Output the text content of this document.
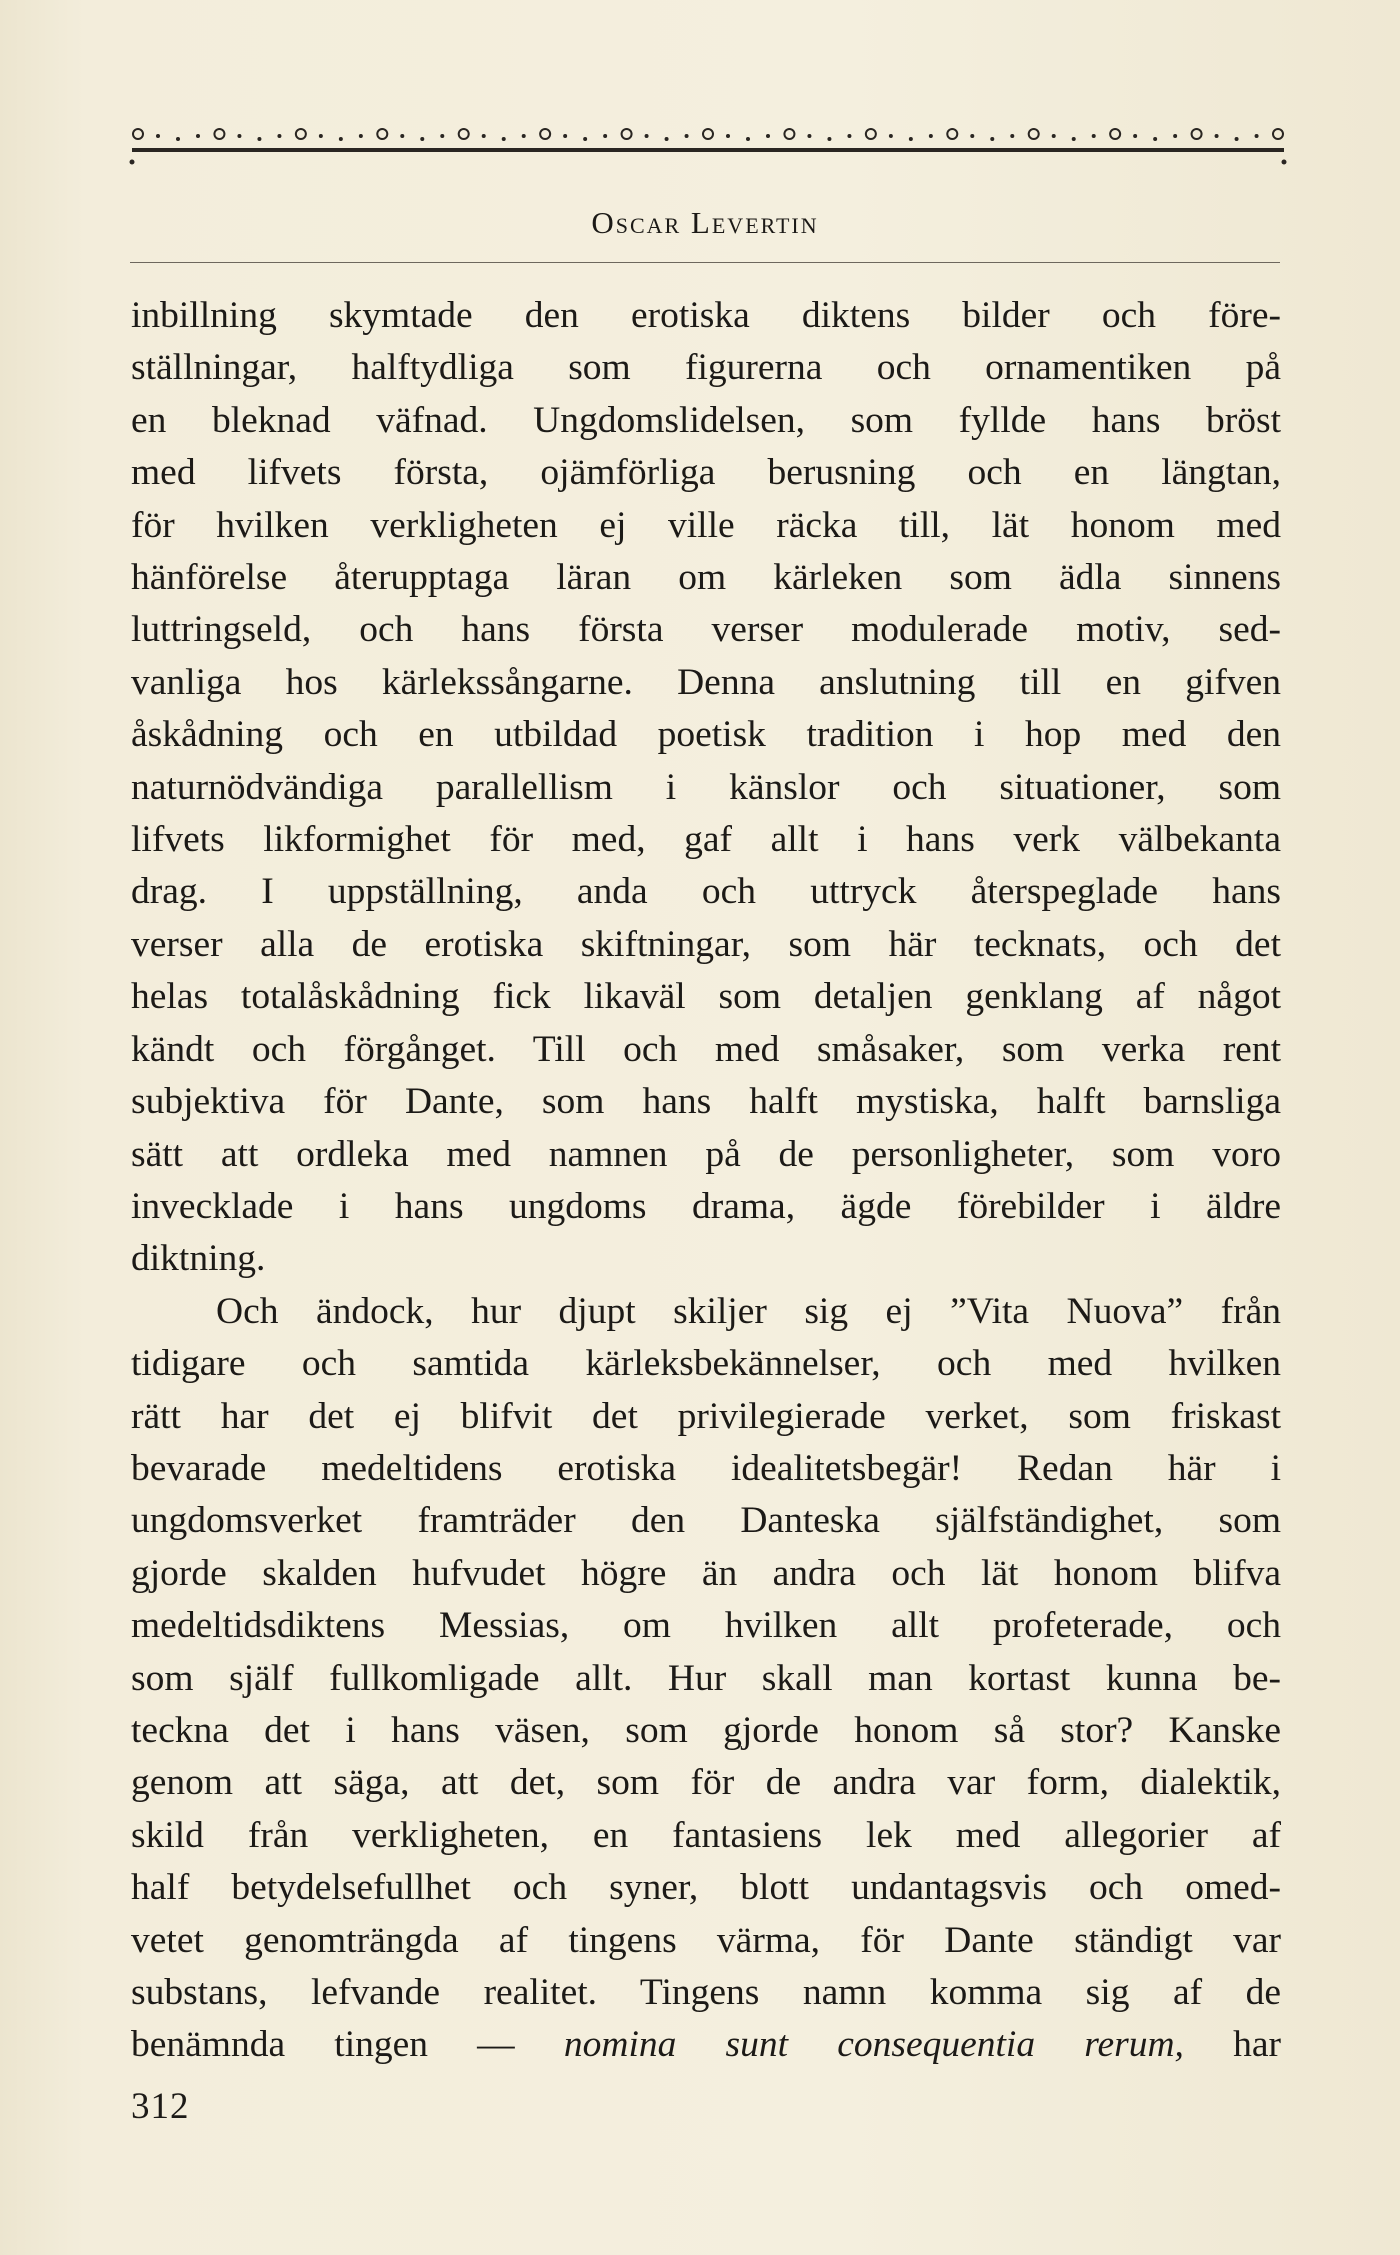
Oscar Levertin
inbillning skymtade den erotiska diktens bilder och före-
ställningar, halftydliga som figurerna och ornamentiken på
en bleknad väfnad. Ungdomslidelsen, som fyllde hans bröst
med lifvets första, ojämförliga berusning och en längtan,
för hvilken verkligheten ej ville räcka till, lät honom med
hänförelse återupptaga läran om kärleken som ädla sinnens
luttringseld, och hans första verser modulerade motiv, sed-
vanliga hos kärlekssångarne. Denna anslutning till en gifven
åskådning och en utbildad poetisk tradition i hop med den
naturnödvändiga parallellism i känslor och situationer, som
lifvets likformighet för med, gaf allt i hans verk välbekanta
drag. I uppställning, anda och uttryck återspeglade hans
verser alla de erotiska skiftningar, som här tecknats, och det
helas totalåskådning fick likaväl som detaljen genklang af något
kändt och förgånget. Till och med småsaker, som verka rent
subjektiva för Dante, som hans halft mystiska, halft barnsliga
sätt att ordleka med namnen på de personligheter, som voro
invecklade i hans ungdoms drama, ägde förebilder i äldre
diktning.
Och ändock, hur djupt skiljer sig ej ”Vita Nuova” från
tidigare och samtida kärleksbekännelser, och med hvilken
rätt har det ej blifvit det privilegierade verket, som friskast
bevarade medeltidens erotiska idealitetsbegär! Redan här i
ungdomsverket framträder den Danteska själfständighet, som
gjorde skalden hufvudet högre än andra och lät honom blifva
medeltidsdiktens Messias, om hvilken allt profeterade, och
som själf fullkomligade allt. Hur skall man kortast kunna be-
teckna det i hans väsen, som gjorde honom så stor? Kanske
genom att säga, att det, som för de andra var form, dialektik,
skild från verkligheten, en fantasiens lek med allegorier af
half betydelsefullhet och syner, blott undantagsvis och omed-
vetet genomträngda af tingens värma, för Dante ständigt var
substans, lefvande realitet. Tingens namn komma sig af de
benämnda tingen — nomina sunt consequentia rerum, har
312
